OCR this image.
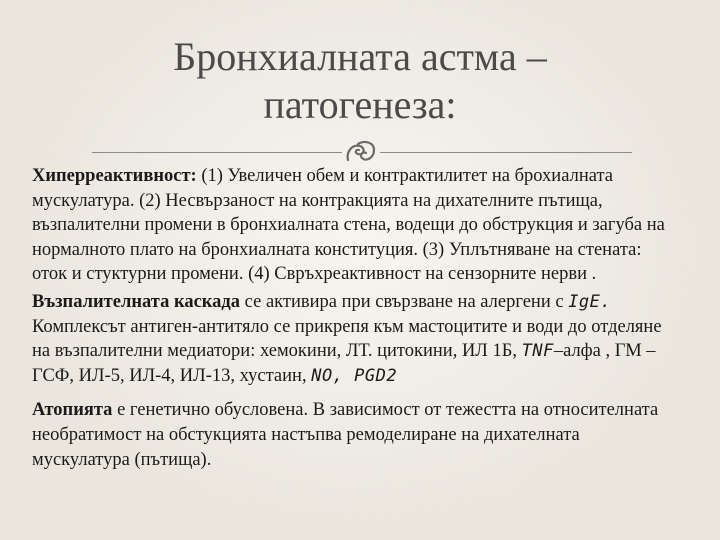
Бронхиалната астма –
патогенеза:

Хиперреактивност: (1) Увеличен обем и контрактилитет на брохиалната мускулатура. (2) Несвързаност на контракцията на дихателните пътища, възпалителни промени в бронхиалната стена, водещи до обструкция и загуба на нормалното плато на бронхиалната конституция. (3) Уплътняване на стената: оток и стуктурни промени. (4) Свръхреактивност на сензорните нерви .

Възпалителната каскада се активира при свързване на алергени с IgE. Комплексът антиген-антитяло се прикрепя към мастоцитите и води до отделяне на възпалителни медиатори: хемокини, ЛТ. цитокини, ИЛ 1Б, TNF–алфа , ГМ –ГСФ, ИЛ-5, ИЛ-4, ИЛ-13, хустаин, NO, PGD2

Атопията е генетично обусловена. В зависимост от тежестта на относителната необратимост на обстукцията настъпва ремоделиране на дихателната мускулатура (пътища).
